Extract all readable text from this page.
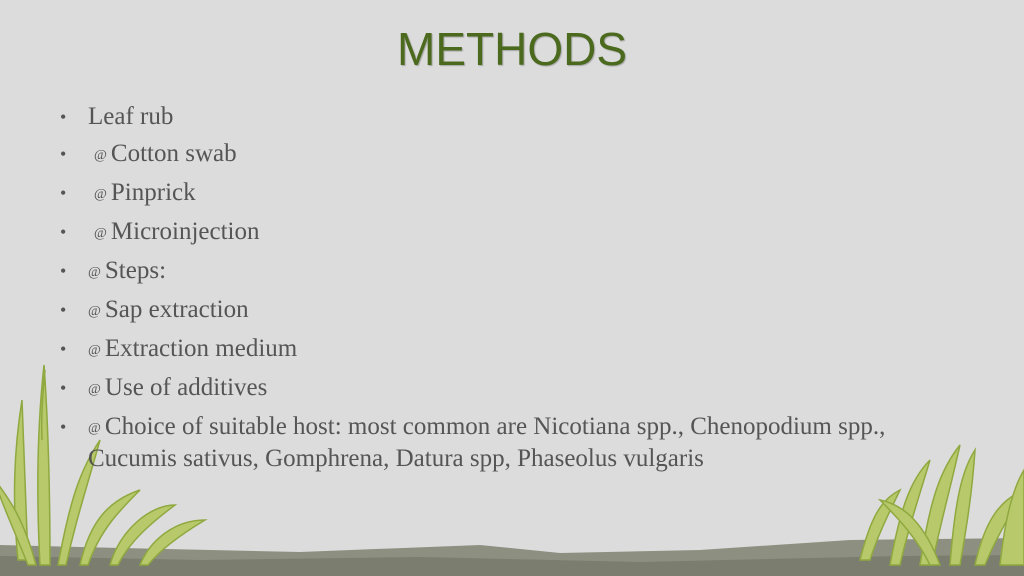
METHODS
• Leaf rub
• @ Cotton swab
• @ Pinprick
• @ Microinjection
• @ Steps:
• @ Sap extraction
• @ Extraction medium
• @ Use of additives
• @ Choice of suitable host: most common are Nicotiana spp., Chenopodium spp., Cucumis sativus, Gomphrena, Datura spp, Phaseolus vulgaris
